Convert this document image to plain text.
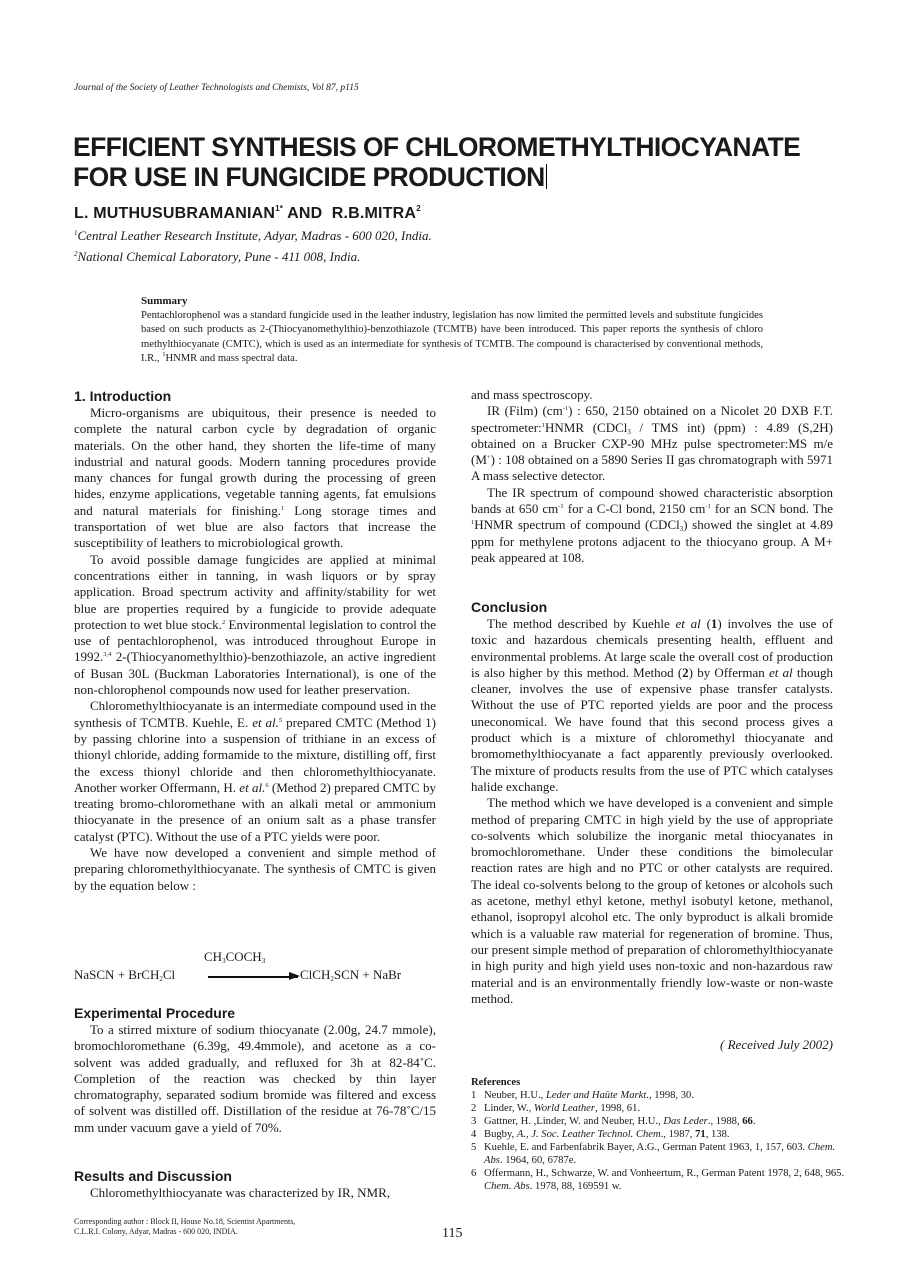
Journal of the Society of Leather Technologists and Chemists, Vol 87, p115
EFFICIENT SYNTHESIS OF CHLOROMETHYLTHIOCYANATE
FOR USE IN FUNGICIDE PRODUCTION
L. $MUTHUSUBRAMANIAN^{1*}$ AND R.B.MITRA$^2$
$^1$Central Leather Research Institute, Adyar, Madras - 600 020, India.
$^2$National Chemical Laboratory, Pune - 411 008, India.
Summary
Pentachlorophenol was a standard fungicide used in the leather industry, legislation has now limited the permitted levels and substitute fungicides based on such products as 2-(Thiocyanomethylthio)-benzothiazole (TCMTB) have been introduced. This paper reports the synthesis of chloro methylthiocyanate (CMTC), which is used as an intermediate for synthesis of TCMTB. The compound is characterised by conventional methods, I.R., $^1$HNMR and mass spectral data.
1. Introduction

Micro-organisms are ubiquitous, their presence is needed to complete the natural carbon cycle by degradation of organic materials. On the other hand, they shorten the life-time of many industrial and natural goods. Modern tanning procedures provide many chances for fungal growth during the processing of green hides, enzyme applications, vegetable tanning agents, fat emulsions and natural materials for finishing.$^1$ Long storage times and transportation of wet blue are also factors that increase the susceptibility of leathers to microbiological growth.

To avoid possible damage fungicides are applied at minimal concentrations either in tanning, in wash liquors or by spray application. Broad spectrum activity and affinity/stability for wet blue are properties required by a fungicide to provide adequate protection to wet blue stock.$^2$ Environmental legislation to control the use of pentachlorophenol, was introduced throughout Europe in 1992.$^{3,4}$ 2-(Thiocyanomethylthio)-benzothiazole, an active ingredient of Busan 30L (Buckman Laboratories International), is one of the non-chlorophenol compounds now used for leather preservation.

Chloromethylthiocyanate is an intermediate compound used in the synthesis of TCMTB. Kuehle, E. et al.$^5$ prepared CMTC (Method 1) by passing chlorine into a suspension of trithiane in an excess of thionyl chloride, adding formamide to the mixture, distilling off, first the excess thionyl chloride and then chloromethylthiocyanate. Another worker Offermann, H. et al.$^6$ (Method 2) prepared CMTC by treating bromo-chloromethane with an alkali metal or ammonium thiocyanate in the presence of an onium salt as a phase transfer catalyst (PTC). Without the use of a PTC yields were poor.

We have now developed a convenient and simple method of preparing chloromethylthiocyanate. The synthesis of CMTC is given by the equation below :

$CH_3COCH_3$
NaSCN + BrCH$_2$Cl	ClCH$_2$SCN + NaBr
Experimental Procedure

To a stirred mixture of sodium thiocyanate (2.00g, 24.7 mmole), bromochloromethane (6.39g, 49.4mmole), and acetone as a co-solvent was added gradually, and refluxed for 3h at 82-84˚C. Completion of the reaction was checked by thin layer chromatography, separated sodium bromide was filtered and excess of solvent was distilled off. Distillation of the residue at 76-78˚C/15 mm under vacuum gave a yield of 70%.

Results and Discussion

Chloromethylthiocyanate was characterized by IR, NMR,

Corresponding author : Block II, House No.18, Scientist Apartments,
C.L.R.I. Colony, Adyar, Madras - 600 020, INDIA.	115

and mass spectroscopy.

IR (Film) (cm$^{-1}$) : 650, 2150 obtained on a Nicolet 20 DXB F.T. spectrometer:$^1$HNMR (CDCl$_3$ / TMS int) (ppm) : 4.89 (S,2H) obtained on a Brucker CXP-90 MHz pulse spectrometer:MS m/e (M+) : 108 obtained on a 5890 Series II gas chromatograph with 5971 A mass selective detector.

The IR spectrum of compound showed characteristic absorption bands at 650 cm$^{-1}$ for a C-Cl bond, 2150 cm$^{-1}$ for an SCN bond. The $^1$HNMR spectrum of compound (CDCl$_3$) showed the singlet at 4.89 ppm for methylene protons adjacent to the thiocyano group. A M+ peak appeared at 108.

Conclusion

The method described by Kuehle et al (1) involves the use of toxic and hazardous chemicals presenting health, effluent and environmental problems. At large scale the overall cost of production is also higher by this method. Method (2) by Offerman et al though cleaner, involves the use of expensive phase transfer catalysts. Without the use of PTC reported yields are poor and the process uneconomical. We have found that this second process gives a product which is a mixture of chloromethyl thiocyanate and bromomethylthiocyanate a fact apparently previously overlooked. The mixture of products results from the use of PTC which catalyses halide exchange.

The method which we have developed is a convenient and simple method of preparing CMTC in high yield by the use of appropriate co-solvents which solubilize the inorganic metal thiocyanates in bromochloromethane. Under these conditions the bimolecular reaction rates are high and no PTC or other catalysts are required. The ideal co-solvents belong to the group of ketones or alcohols such as acetone, methyl ethyl ketone, methyl isobutyl ketone, methanol, ethanol, isopropyl alcohol etc. The only byproduct is alkali bromide which is a valuable raw material for regeneration of bromine. Thus, our present simple method of preparation of chloromethylthiocyanate in high purity and high yield uses non-toxic and non-hazardous raw material and is an environmentally friendly low-waste or non-waste method.

( Received July 2002)
References
1 Neuber, H.U., Leder and Haüte Markt., 1998, 30.
2 Linder, W., World Leather, 1998, 61.
3 Gattner, H. ,Linder, W. and Neuber, H.U., Das Leder., 1988, 66.
4 Bugby, A., J. Soc. Leather Technol. Chem., 1987, 71, 138.
5 Kuehle, E. and Farbenfabrik Bayer, A.G., German Patent 1963, 1, 157, 603. Chem. Abs. 1964, 60, 6787e.
6 Offermann, H., Schwarze, W. and Vonheertum, R., German Patent 1978, 2, 648, 965. Chem. Abs. 1978, 88, 169591 w.
